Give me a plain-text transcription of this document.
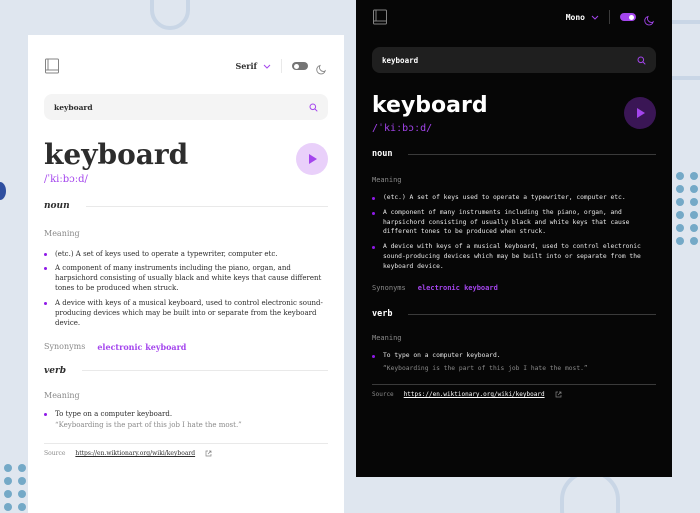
Serif
keyboard
keyboard
/ˈkiːbɔːd/
noun
Meaning
(etc.) A set of keys used to operate a typewriter, computer etc.
A component of many instruments including the piano, organ, and harpsichord consisting of usually black and white keys that cause different tones to be produced when struck.
A device with keys of a musical keyboard, used to control electronic sound-producing devices which may be built into or separate from the keyboard device.
Synonyms electronic keyboard
verb
Meaning
To type on a computer keyboard.
“Keyboarding is the part of this job I hate the most.”
Source https://en.wiktionary.org/wiki/keyboard
Mono
keyboard
keyboard
/ˈkiːbɔːd/
noun
Meaning
(etc.) A set of keys used to operate a typewriter, computer etc.
A component of many instruments including the piano, organ, and harpsichord consisting of usually black and white keys that cause different tones to be produced when struck.
A device with keys of a musical keyboard, used to control electronic sound-producing devices which may be built into or separate from the keyboard device.
Synonyms electronic keyboard
verb
Meaning
To type on a computer keyboard.
“Keyboarding is the part of this job I hate the most.”
Source https://en.wiktionary.org/wiki/keyboard
